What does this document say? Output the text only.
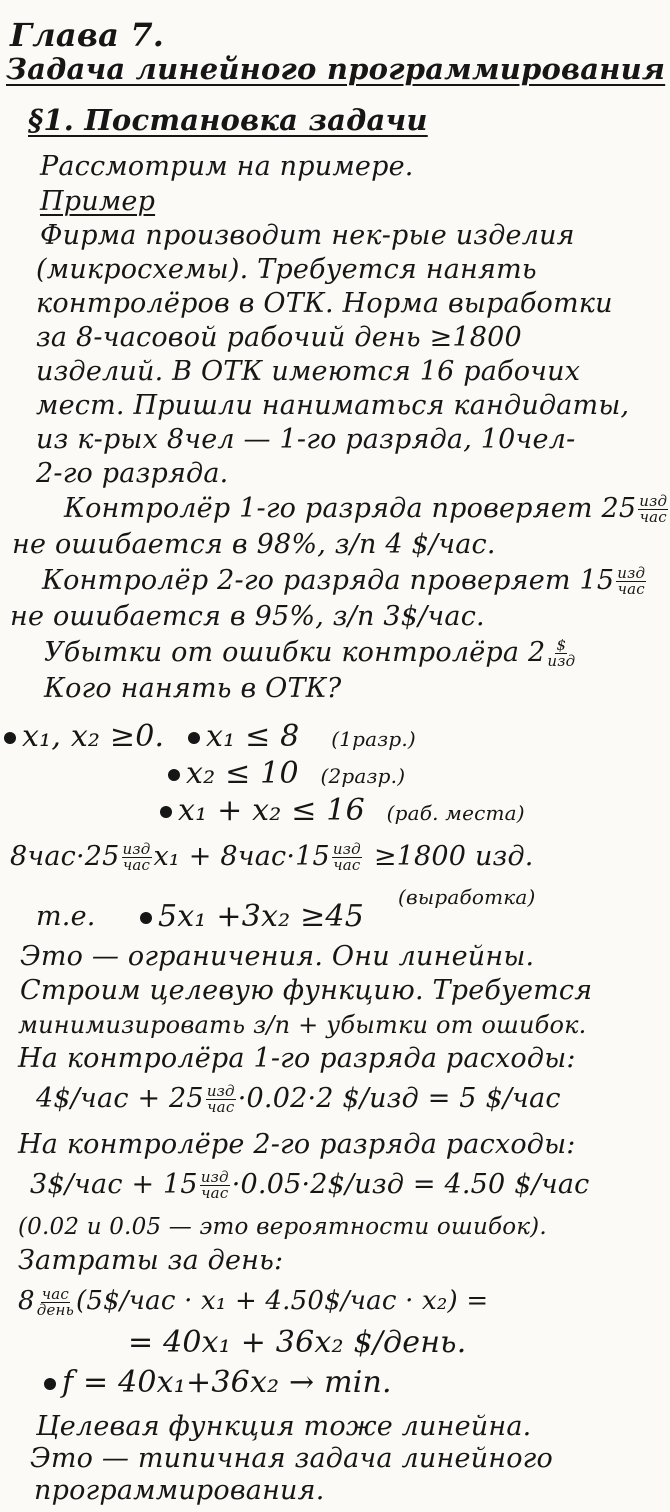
Глава 7.
Задача линейного программирования
§1. Постановка задачи
Рассмотрим на примере.
Пример
Фирма производит нек-рые изделия
(микросхемы). Требуется нанять
контролёров в ОТК. Норма выработки
за 8-часовой рабочий день ≥1800
изделий. В ОТК имеются 16 рабочих
мест. Пришли наниматься кандидаты,
из к-рых 8чел — 1-го разряда, 10чел-
2-го разряда.
Контролёр 1-го разряда проверяет $25 \frac{\text{изд}}{\text{час}}$
не ошибается в 98%, з/п 4 $/час.
Контролёр 2-го разряда проверяет $15 \frac{\text{изд}}{\text{час}}$
не ошибается в 95%, з/п 3$/час.
Убытки от ошибки контролёра $2 \frac{\$}{\text{изд}}$
Кого нанять в ОТК?
x₁, x₂ ≥0.	x₁ ≤ 8 (1разр.)
x₂ ≤ 10 (2разр.)
x₁ + x₂ ≤ 16 (раб. места)
$8час\cdot 25 \frac{\text{изд}}{\text{час}} x_1 + 8час\cdot 15 \frac{\text{изд}}{\text{час}} \ge 1800$ изд.
(выработка)
т.е.	5x₁ +3x₂ ≥45
Это — ограничения. Они линейны.
Строим целевую функцию. Требуется
минимизировать з/п + убытки от ошибок.
На контролёра 1-го разряда расходы:
4$/час + $25 \frac{\text{изд}}{\text{час}} \cdot 0.02\cdot 2$ $/изд = 5 $/час
На контролёре 2-го разряда расходы:
3$/час + $15 \frac{\text{изд}}{\text{час}}$ ·0.05·2$/изд = 4.50 $/час
(0.02 и 0.05 — это вероятности ошибок).
Затраты за день:
$8 \frac{\text{час}}{\text{день}}$ (5$/час · x₁ + 4.50$/час · x₂) =
= 40x₁ + 36x₂ $/день.
f = 40x₁+36x₂ → min.
Целевая функция тоже линейна.
Это — типичная задача линейного
программирования.
